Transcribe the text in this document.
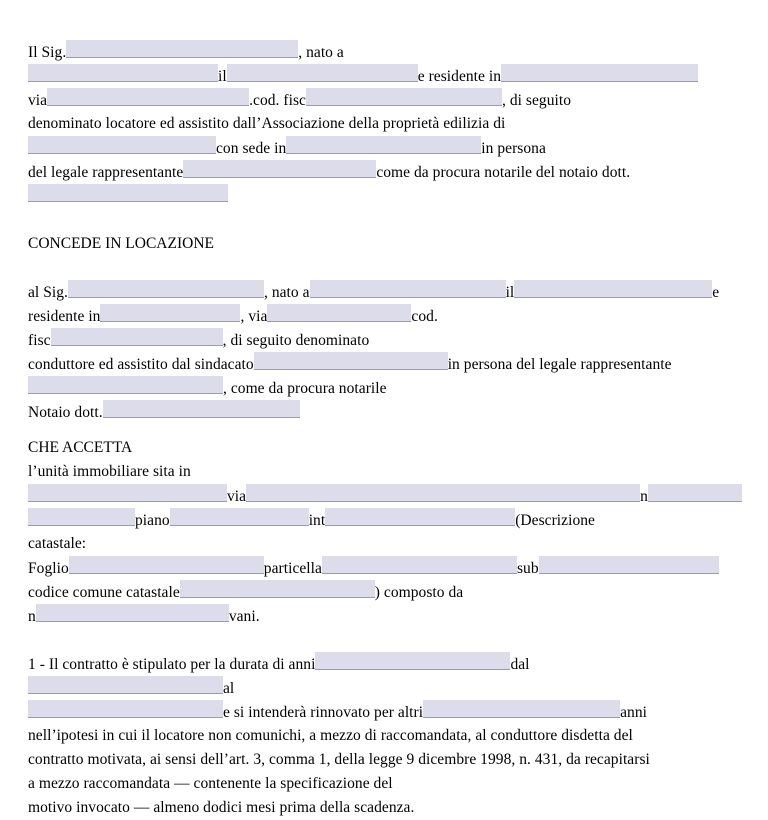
Il Sig.	, nato a
il	e residente in
via	.cod. fisc	, di seguito
denominato locatore ed assistito dall’Associazione della proprietà edilizia di
con sede in	in persona
del legale rappresentante	come da procura notarile del notaio dott.
CONCEDE IN LOCAZIONE
al Sig.	, nato a	il	e
residente in	, via	cod.
fisc	, di seguito denominato
conduttore ed assistito dal sindacato	in persona del legale rappresentante
, come da procura notarile
Notaio dott.
CHE ACCETTA
l’unità immobiliare sita in
via	n
piano	int	(Descrizione
catastale:
Foglio	particella	sub
codice comune catastale	) composto da
n	vani.
1 - Il contratto è stipulato per la durata di anni	dal
al
e si intenderà rinnovato per altri	anni
nell’ipotesi in cui il locatore non comunichi, a mezzo di raccomandata, al conduttore disdetta del
contratto motivata, ai sensi dell’art. 3, comma 1, della legge 9 dicembre 1998, n. 431, da recapitarsi
a mezzo raccomandata — contenente la specificazione del
motivo invocato — almeno dodici mesi prima della scadenza.
